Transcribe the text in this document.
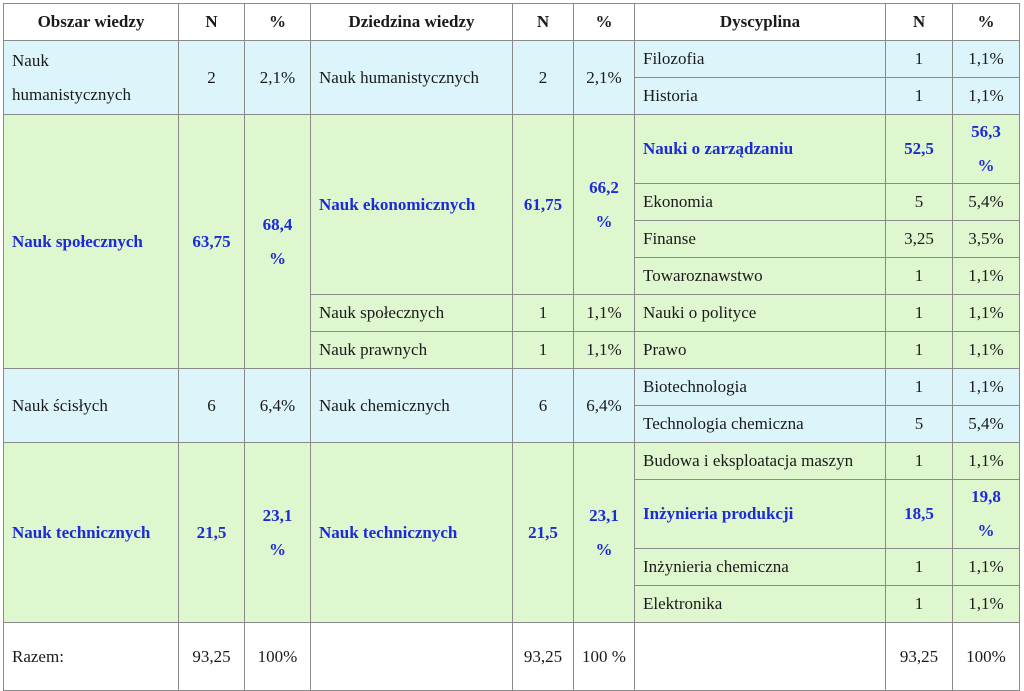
Obszar wiedzy	N	%	Dziedzina wiedzy	N	%	Dyscyplina	N	%
Nauk humanistycznych	2	2,1%	Nauk humanistycznych	2	2,1%	Filozofia	1	1,1%
						Historia	1	1,1%
Nauk społecznych	63,75	68,4 %	Nauk ekonomicznych	61,75	66,2 %	Nauki o zarządzaniu	52,5	56,3 %
						Ekonomia	5	5,4%
						Finanse	3,25	3,5%
						Towaroznawstwo	1	1,1%
			Nauk społecznych	1	1,1%	Nauki o polityce	1	1,1%
			Nauk prawnych	1	1,1%	Prawo	1	1,1%
Nauk ścisłych	6	6,4%	Nauk chemicznych	6	6,4%	Biotechnologia	1	1,1%
						Technologia chemiczna	5	5,4%
Nauk technicznych	21,5	23,1 %	Nauk technicznych	21,5	23,1 %	Budowa i eksploatacja maszyn	1	1,1%
						Inżynieria produkcji	18,5	19,8 %
						Inżynieria chemiczna	1	1,1%
						Elektronika	1	1,1%
Razem:	93,25	100%		93,25	100 %		93,25	100%
